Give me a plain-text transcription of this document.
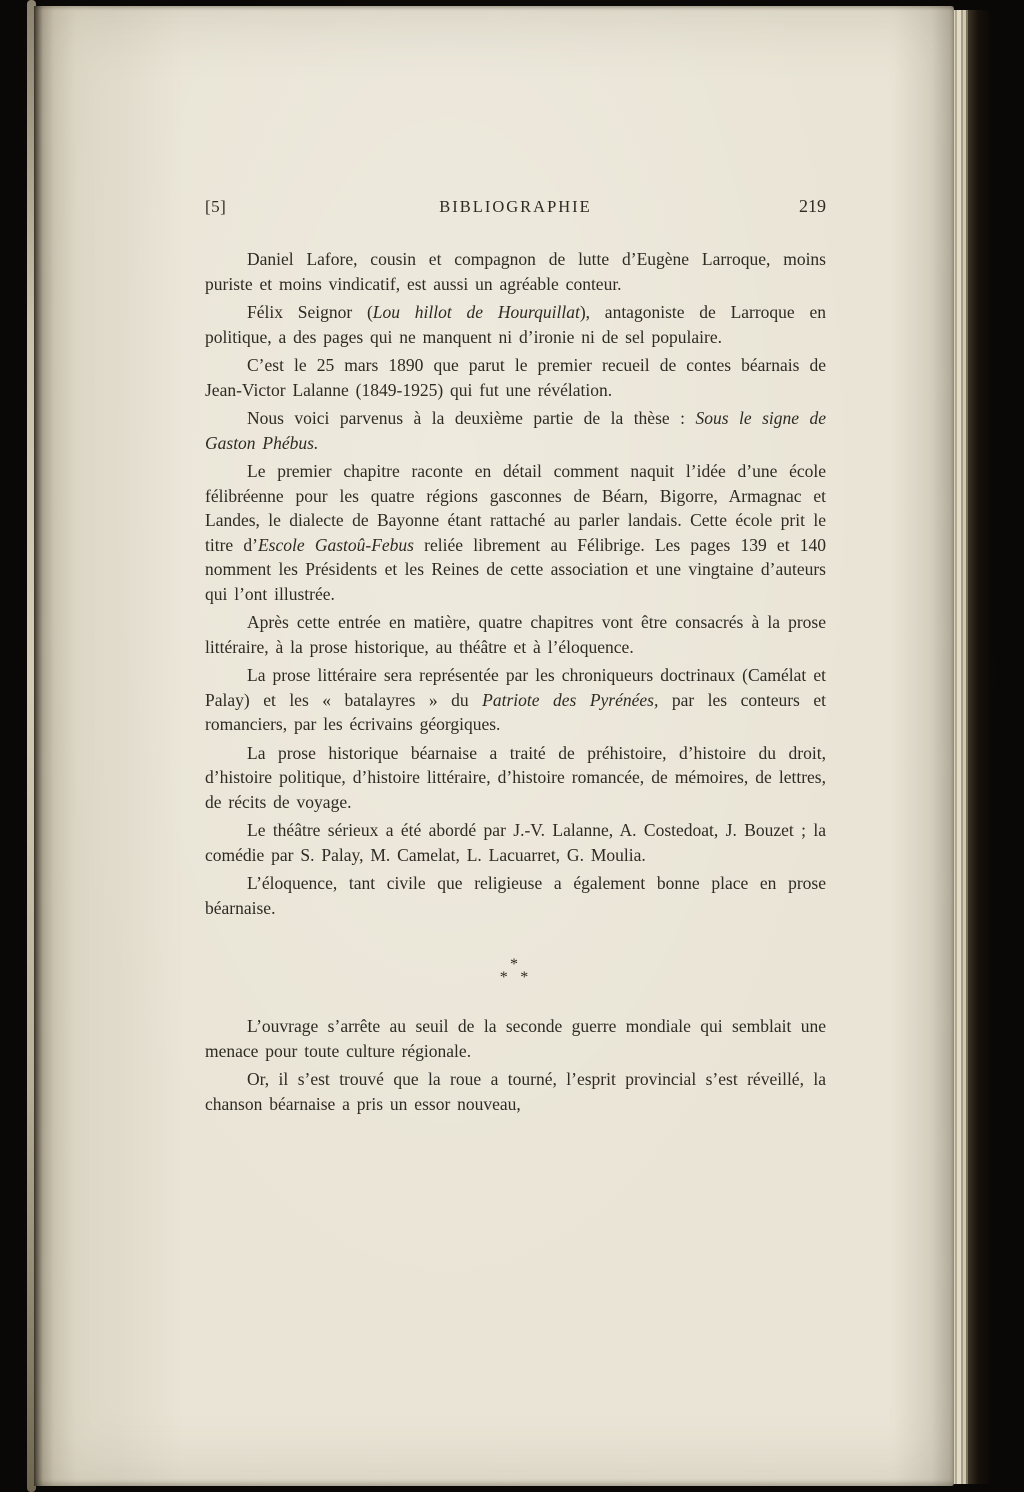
[5]	BIBLIOGRAPHIE	219

Daniel Lafore, cousin et compagnon de lutte d’Eugène Larroque, moins puriste et moins vindicatif, est aussi un agréable conteur.

Félix Seignor (Lou hillot de Hourquillat), antagoniste de Larroque en politique, a des pages qui ne manquent ni d’ironie ni de sel populaire.

C’est le 25 mars 1890 que parut le premier recueil de contes béarnais de Jean-Victor Lalanne (1849-1925) qui fut une révélation.

Nous voici parvenus à la deuxième partie de la thèse : Sous le signe de Gaston Phébus.

Le premier chapitre raconte en détail comment naquit l’idée d’une école félibréenne pour les quatre régions gasconnes de Béarn, Bigorre, Armagnac et Landes, le dialecte de Bayonne étant rattaché au parler landais. Cette école prit le titre d’Escole Gastoû-Febus reliée librement au Félibrige. Les pages 139 et 140 nomment les Présidents et les Reines de cette association et une vingtaine d’auteurs qui l’ont illustrée.

Après cette entrée en matière, quatre chapitres vont être consacrés à la prose littéraire, à la prose historique, au théâtre et à l’éloquence.

La prose littéraire sera représentée par les chroniqueurs doctrinaux (Camélat et Palay) et les « batalayres » du Patriote des Pyrénées, par les conteurs et romanciers, par les écrivains géorgiques.

La prose historique béarnaise a traité de préhistoire, d’histoire du droit, d’histoire politique, d’histoire littéraire, d’histoire romancée, de mémoires, de lettres, de récits de voyage.

Le théâtre sérieux a été abordé par J.-V. Lalanne, A. Costedoat, J. Bouzet ; la comédie par S. Palay, M. Camelat, L. Lacuarret, G. Moulia.

L’éloquence, tant civile que religieuse a également bonne place en prose béarnaise.

*
* *

L’ouvrage s’arrête au seuil de la seconde guerre mondiale qui semblait une menace pour toute culture régionale.

Or, il s’est trouvé que la roue a tourné, l’esprit provincial s’est réveillé, la chanson béarnaise a pris un essor nouveau,
